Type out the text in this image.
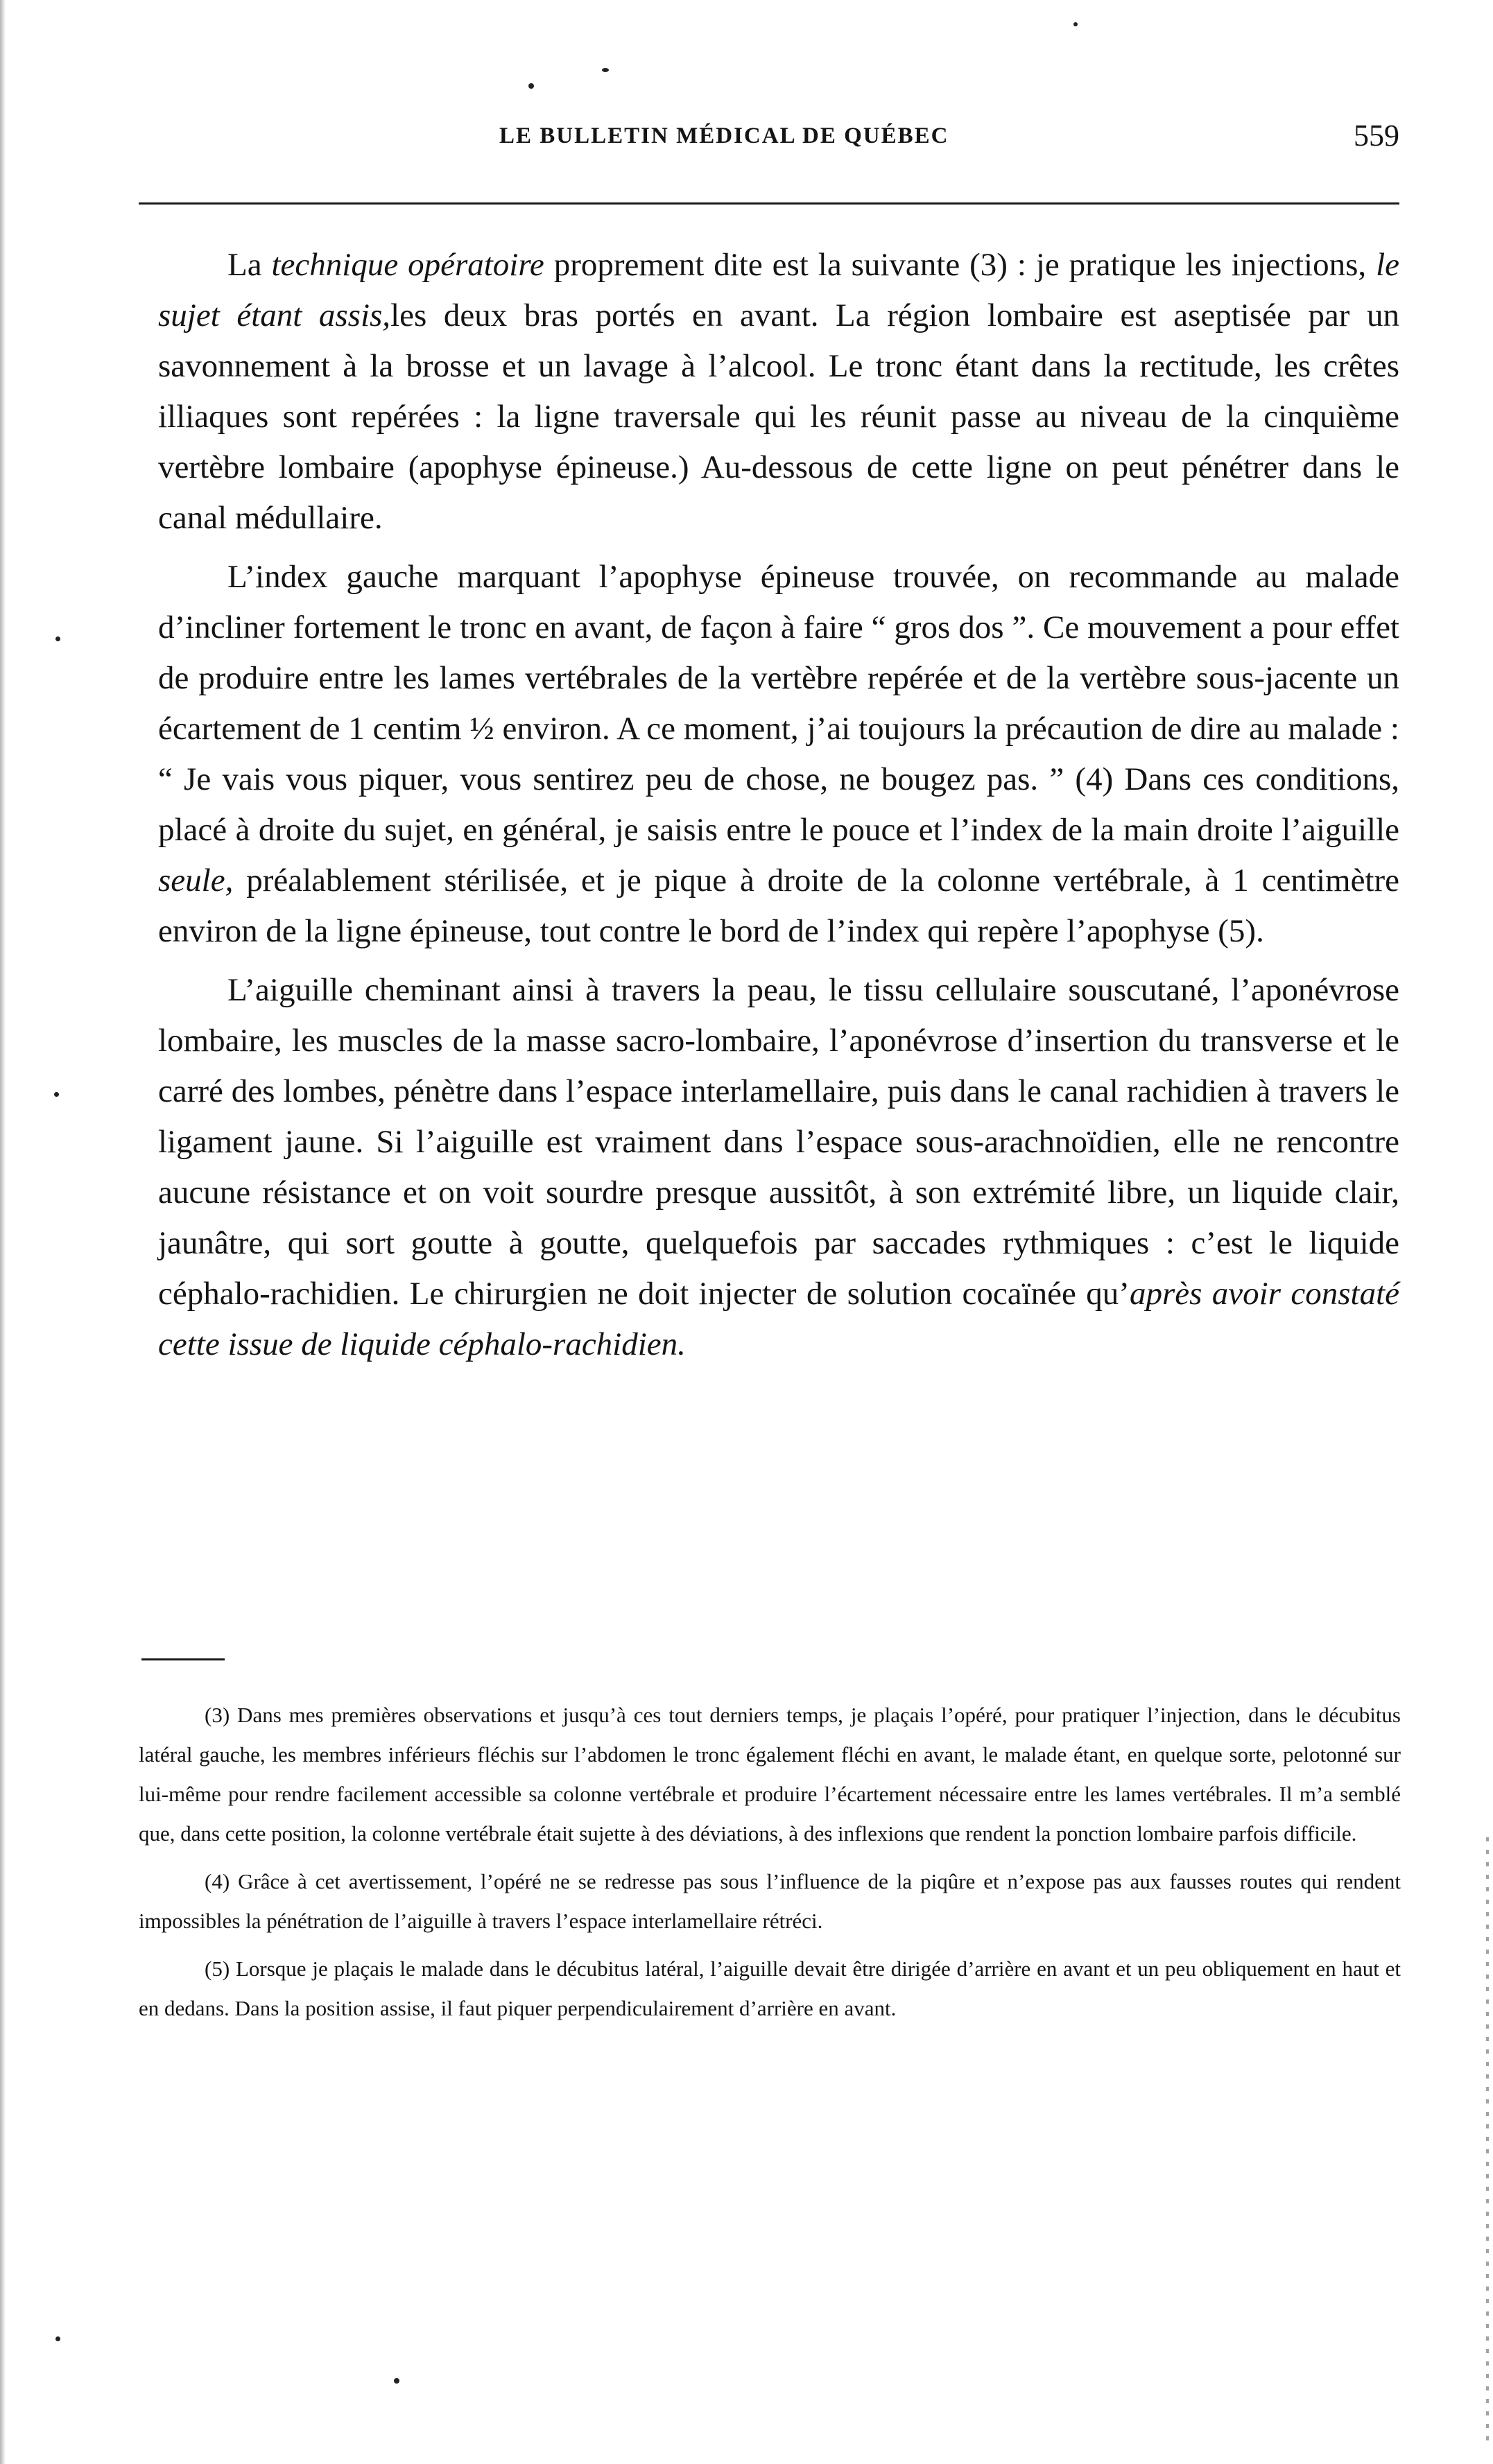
LE BULLETIN MÉDICAL DE QUÉBEC	559

La technique opératoire proprement dite est la suivante (3) : je pratique les injections, le sujet étant assis,les deux bras portés en avant. La région lombaire est aseptisée par un savonnement à la brosse et un lavage à l’alcool. Le tronc étant dans la rectitude, les crêtes illiaques sont repérées : la ligne traversale qui les réunit passe au niveau de la cinquième vertèbre lombaire (apophyse épineuse.) Au-dessous de cette ligne on peut pénétrer dans le canal médullaire.

L’index gauche marquant l’apophyse épineuse trouvée, on recommande au malade d’incliner fortement le tronc en avant, de façon à faire “ gros dos ”. Ce mouvement a pour effet de produire entre les lames vertébrales de la vertèbre repérée et de la vertèbre sous-jacente un écartement de 1 centim ½ environ. A ce moment, j’ai toujours la précaution de dire au malade : “ Je vais vous piquer, vous sentirez peu de chose, ne bougez pas. ” (4) Dans ces conditions, placé à droite du sujet, en général, je saisis entre le pouce et l’index de la main droite l’aiguille seule, préalablement stérilisée, et je pique à droite de la colonne vertébrale, à 1 centimètre environ de la ligne épineuse, tout contre le bord de l’index qui repère l’apophyse (5).

L’aiguille cheminant ainsi à travers la peau, le tissu cellulaire souscutané, l’aponévrose lombaire, les muscles de la masse sacro-lombaire, l’aponévrose d’insertion du transverse et le carré des lombes, pénètre dans l’espace interlamellaire, puis dans le canal rachidien à travers le ligament jaune. Si l’aiguille est vraiment dans l’espace sous-arachnoïdien, elle ne rencontre aucune résistance et on voit sourdre presque aussitôt, à son extrémité libre, un liquide clair, jaunâtre, qui sort goutte à goutte, quelquefois par saccades rythmiques : c’est le liquide céphalo-rachidien. Le chirurgien ne doit injecter de solution cocaïnée qu’après avoir constaté cette issue de liquide céphalo-rachidien.

(3) Dans mes premières observations et jusqu’à ces tout derniers temps, je plaçais l’opéré, pour pratiquer l’injection, dans le décubitus latéral gauche, les membres inférieurs fléchis sur l’abdomen le tronc également fléchi en avant, le malade étant, en quelque sorte, pelotonné sur lui-même pour rendre facilement accessible sa colonne vertébrale et produire l’écartement nécessaire entre les lames vertébrales. Il m’a semblé que, dans cette position, la colonne vertébrale était sujette à des déviations, à des inflexions que rendent la ponction lombaire parfois difficile.

(4) Grâce à cet avertissement, l’opéré ne se redresse pas sous l’influence de la piqûre et n’expose pas aux fausses routes qui rendent impossibles la pénétration de l’aiguille à travers l’espace interlamellaire rétréci.

(5) Lorsque je plaçais le malade dans le décubitus latéral, l’aiguille devait être dirigée d’arrière en avant et un peu obliquement en haut et en dedans. Dans la position assise, il faut piquer perpendiculairement d’arrière en avant.
